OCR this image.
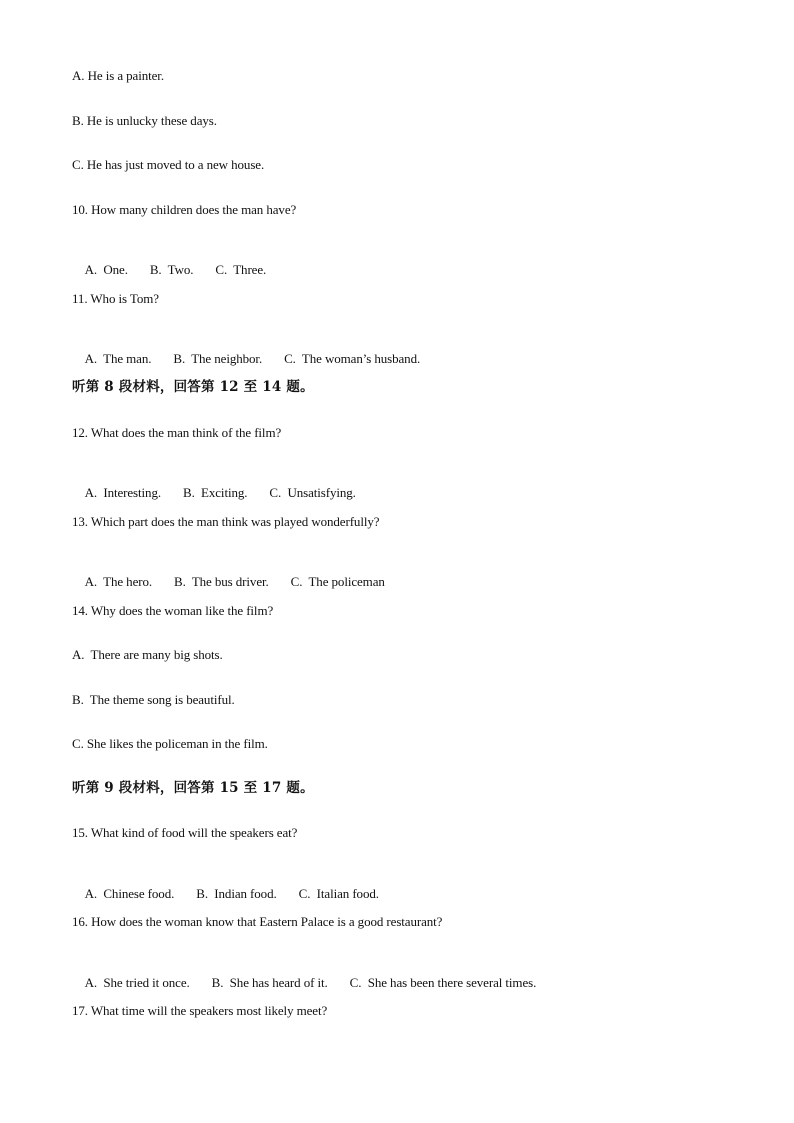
A. He is a painter.
B. He is unlucky these days.
C. He has just moved to a new house.
10. How many children does the man have?

A.  One. B.  Two. C.  Three.

11. Who is Tom?

A.  The man. B.  The neighbor. C.  The woman’s husband.

听第 8 段材料，回答第 12 至 14 题。
12. What does the man think of the film?

A.  Interesting. B.  Exciting. C.  Unsatisfying.

13. Which part does the man think was played wonderfully?

A.  The hero. B.  The bus driver. C.  The policeman

14. Why does the woman like the film?
A.  There are many big shots.
B.  The theme song is beautiful.
C. She likes the policeman in the film.
听第 9 段材料，回答第 15 至 17 题。
15. What kind of food will the speakers eat?

A.  Chinese food. B.  Indian food. C.  Italian food.

16. How does the woman know that Eastern Palace is a good restaurant?

A.  She tried it once. B.  She has heard of it. C.  She has been there several times.

17. What time will the speakers most likely meet?
